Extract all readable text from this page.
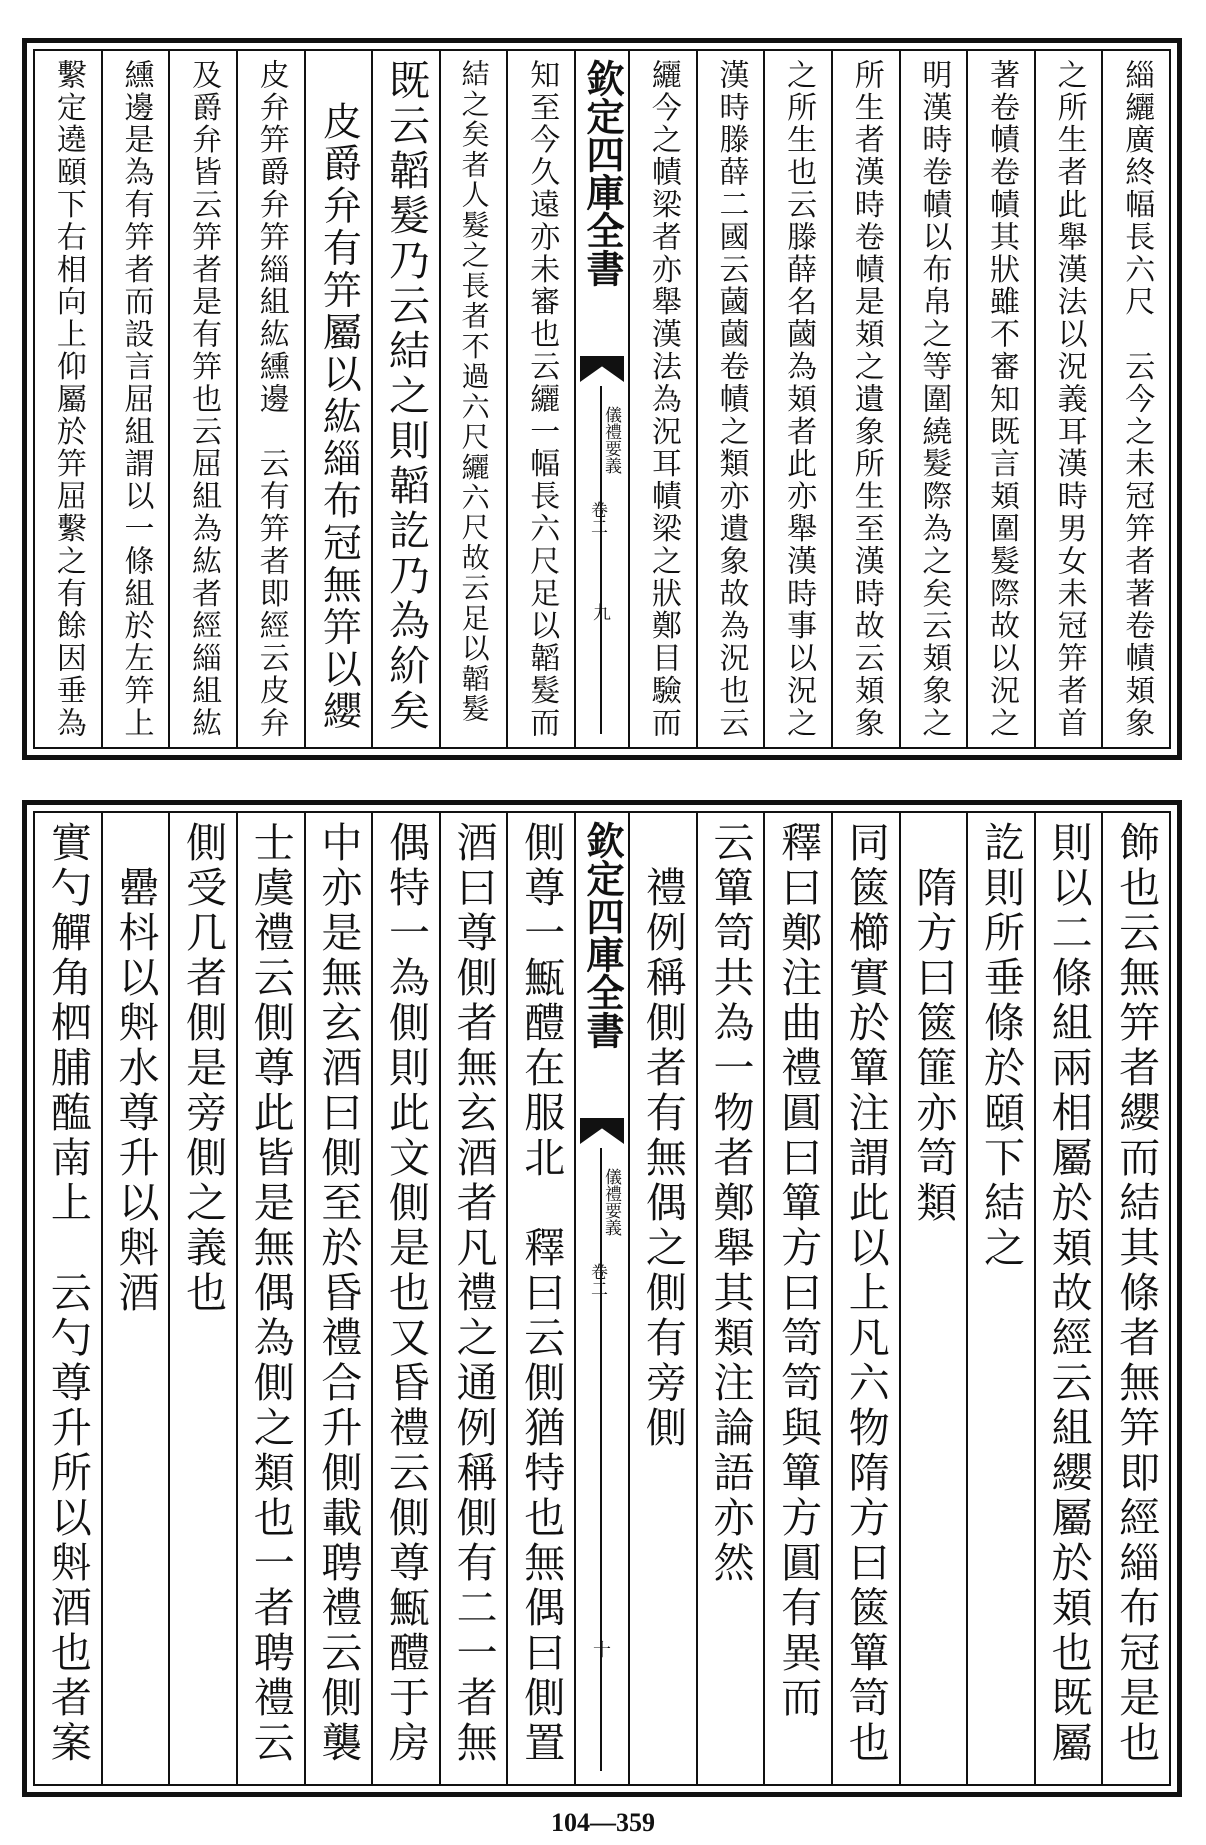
緇纚廣終幅長六尺　云今之未冠笄者著卷幘頍象
之所生者此舉漢法以況義耳漢時男女未冠笄者首
著卷幘卷幘其狀雖不審知既言頍圍髮際故以況之
明漢時卷幘以布帛之等圍繞髮際為之矣云頍象之
所生者漢時卷幘是頍之遺象所生至漢時故云頍象
之所生也云滕薛名蔮為頍者此亦舉漢時事以況之
漢時滕薛二國云蔮蔮卷幘之類亦遺象故為況也云
纚今之幘梁者亦舉漢法為況耳幘梁之狀鄭目驗而
欽定四庫全書
儀禮要義
卷二
九
知至今久遠亦未審也云纚一幅長六尺足以韜髮而
結之矣者人髮之長者不過六尺纚六尺故云足以韜髮
既云韜髮乃云結之則韜訖乃為紒矣
　皮爵弁有笄屬以紘緇布冠無笄以纓
皮弁笄爵弁笄緇組紘纁邊　云有笄者即經云皮弁
及爵弁皆云笄者是有笄也云屈組為紘者經緇組紘
纁邊是為有笄者而設言屈組謂以一條組於左笄上
繫定遶頤下右相向上仰屬於笄屈繫之有餘因垂為
飾也云無笄者纓而結其條者無笄即經緇布冠是也
則以二條組兩相屬於頍故經云組纓屬於頍也既屬
訖則所垂條於頤下結之
　隋方曰篋篚亦笥類
同篋櫛實於簞注謂此以上凡六物隋方曰篋簞笥也
釋曰鄭注曲禮圓曰簞方曰笥笥與簞方圓有異而
云簞笥共為一物者鄭舉其類注論語亦然
　禮例稱側者有無偶之側有旁側
欽定四庫全書
儀禮要義
卷二
十
側尊一甒醴在服北　釋曰云側猶特也無偶曰側置
酒曰尊側者無玄酒者凡禮之通例稱側有二一者無
偶特一為側則此文側是也又昏禮云側尊甒醴于房
中亦是無玄酒曰側至於昏禮合升側載聘禮云側襲
士虞禮云側尊此皆是無偶為側之類也一者聘禮云
側受几者側是旁側之義也
　罍枓以斞水尊升以斞酒
實勺觶角柶脯醢南上　云勺尊升所以斞酒也者案
104—359
